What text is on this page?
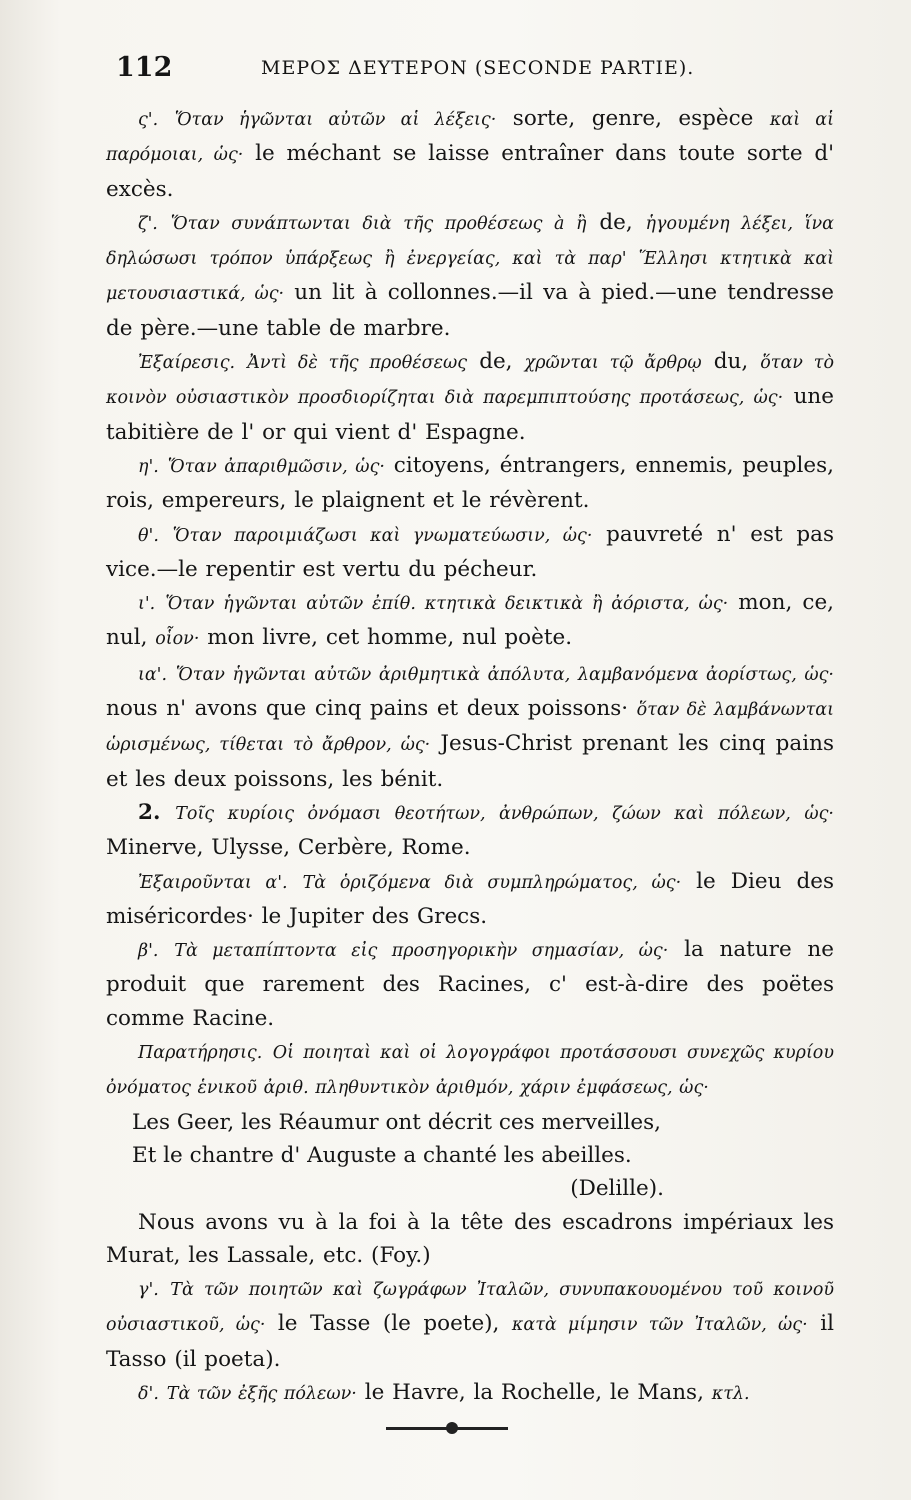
112	ΜΕΡΟΣ ΔΕΥΤΕΡΟΝ (SECONDE PARTIE).

ς'. Ὅταν ἡγῶνται αὐτῶν αἱ λέξεις· sorte, genre, espèce καὶ αἱ παρόμοιαι, ὡς· le méchant se laisse entraîner dans toute sorte d' excès.

ζ'. Ὅταν συνάπτωνται διὰ τῆς προθέσεως à ἢ de, ἡγουμένη λέξει, ἵνα δηλώσωσι τρόπον ὑπάρξεως ἢ ἐνεργείας, καὶ τὰ παρ' Ἕλλησι κτητικὰ καὶ μετουσιαστικά, ὡς· un lit à collonnes.—il va à pied.—une tendresse de père.—une table de marbre.

Ἐξαίρεσις. Ἀντὶ δὲ τῆς προθέσεως de, χρῶνται τῷ ἄρθρῳ du, ὅταν τὸ κοινὸν οὐσιαστικὸν προσδιορίζηται διὰ παρεμπιπτούσης προτάσεως, ὡς· une tabitière de l' or qui vient d' Espagne.

η'. Ὅταν ἀπαριθμῶσιν, ὡς· citoyens, éntrangers, ennemis, peuples, rois, empereurs, le plaignent et le révèrent.

θ'. Ὅταν παροιμιάζωσι καὶ γνωματεύωσιν, ὡς· pauvreté n' est pas vice.—le repentir est vertu du pécheur.

ι'. Ὅταν ἡγῶνται αὐτῶν ἐπίθ. κτητικὰ δεικτικὰ ἢ ἀόριστα, ὡς· mon, ce, nul, οἷον· mon livre, cet homme, nul poète.

ια'. Ὅταν ἡγῶνται αὐτῶν ἀριθμητικὰ ἀπόλυτα, λαμβανόμενα ἀορίστως, ὡς· nous n' avons que cinq pains et deux poissons· ὅταν δὲ λαμβάνωνται ὡρισμένως, τίθεται τὸ ἄρθρον, ὡς· Jesus-Christ prenant les cinq pains et les deux poissons, les bénit.

2. Τοῖς κυρίοις ὀνόμασι θεοτήτων, ἀνθρώπων, ζώων καὶ πόλεων, ὡς· Minerve, Ulysse, Cerbère, Rome.

Ἐξαιροῦνται α'. Τὰ ὁριζόμενα διὰ συμπληρώματος, ὡς· le Dieu des miséricordes· le Jupiter des Grecs.

β'. Τὰ μεταπίπτοντα εἰς προσηγορικὴν σημασίαν, ὡς· la nature ne produit que rarement des Racines, c' est-à-dire des poëtes comme Racine.

Παρατήρησις. Οἱ ποιηταὶ καὶ οἱ λογογράφοι προτάσσουσι συνεχῶς κυρίου ὀνόματος ἑνικοῦ ἀριθ. πληθυντικὸν ἀριθμόν, χάριν ἐμφάσεως, ὡς·

Les Geer, les Réaumur ont décrit ces merveilles,
Et le chantre d' Auguste a chanté les abeilles.
(Delille).

Nous avons vu à la foi à la tête des escadrons impériaux les Murat, les Lassale, etc. (Foy.)

γ'. Τὰ τῶν ποιητῶν καὶ ζωγράφων Ἰταλῶν, συνυπακουομένου τοῦ κοινοῦ οὐσιαστικοῦ, ὡς· le Tasse (le poete), κατὰ μίμησιν τῶν Ἰταλῶν, ὡς· il Tasso (il poeta).

δ'. Τὰ τῶν ἐξῆς πόλεων· le Havre, la Rochelle, le Mans, κτλ.
